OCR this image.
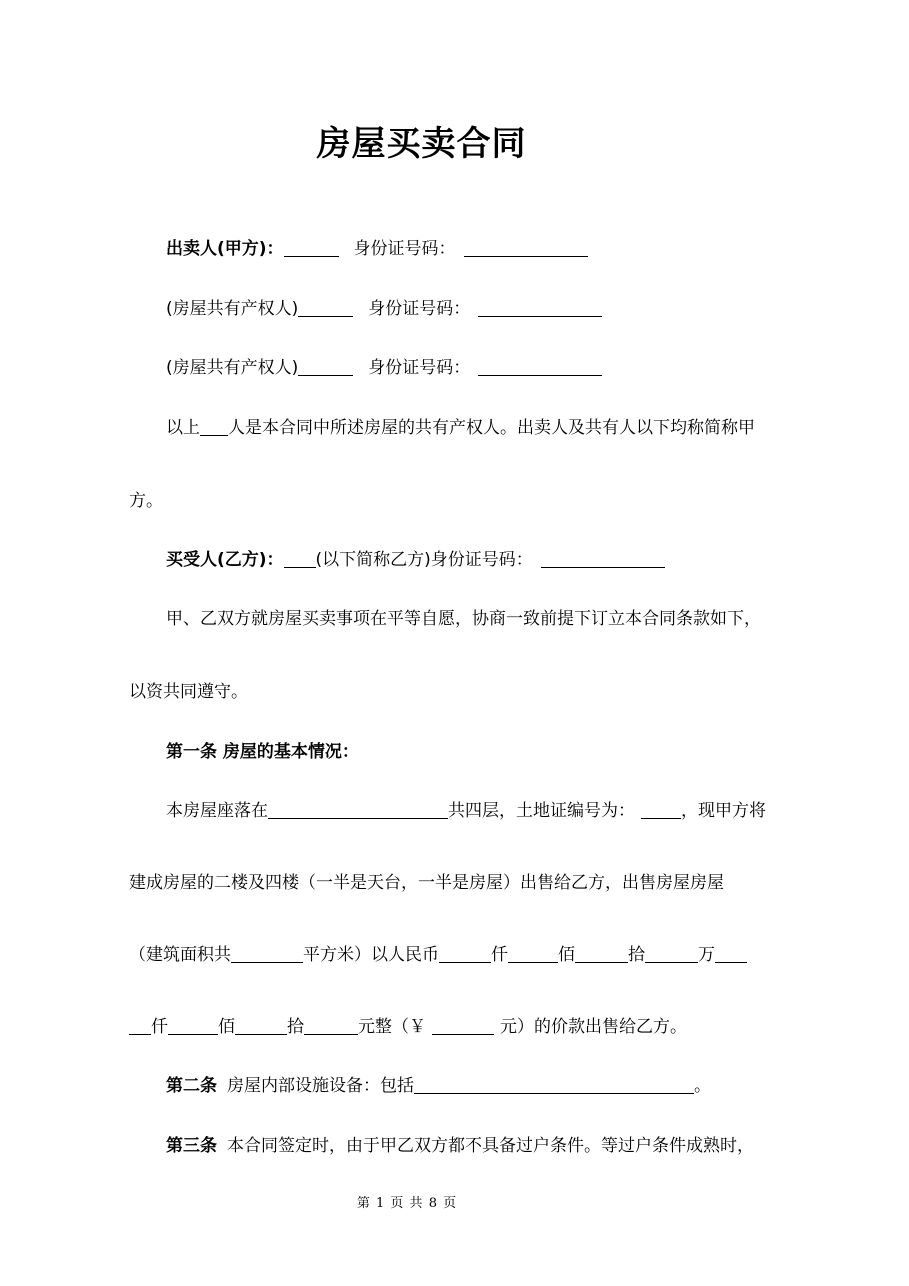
房屋买卖合同
出卖人(甲方)：	身份证号码：
(房屋共有产权人)	身份证号码：
(房屋共有产权人)	身份证号码：
以上 人是本合同中所述房屋的共有产权人。出卖人及共有人以下均称简称甲
方。
买受人(乙方)： (以下简称乙方)身份证号码：
甲、乙双方就房屋买卖事项在平等自愿，协商一致前提下订立本合同条款如下，
以资共同遵守。
第一条 房屋的基本情况：
本房屋座落在	共四层，土地证编号为：	，现甲方将
建成房屋的二楼及四楼（一半是天台，一半是房屋）出售给乙方，出售房屋房屋
（建筑面积共	平方米）以人民币	仟	佰	拾	万
仟	佰	拾	元整（￥	元）的价款出售给乙方。
第二条 房屋内部设施设备：包括	。
第三条 本合同签定时，由于甲乙双方都不具备过户条件。等过户条件成熟时，
第 1 页 共 8 页
